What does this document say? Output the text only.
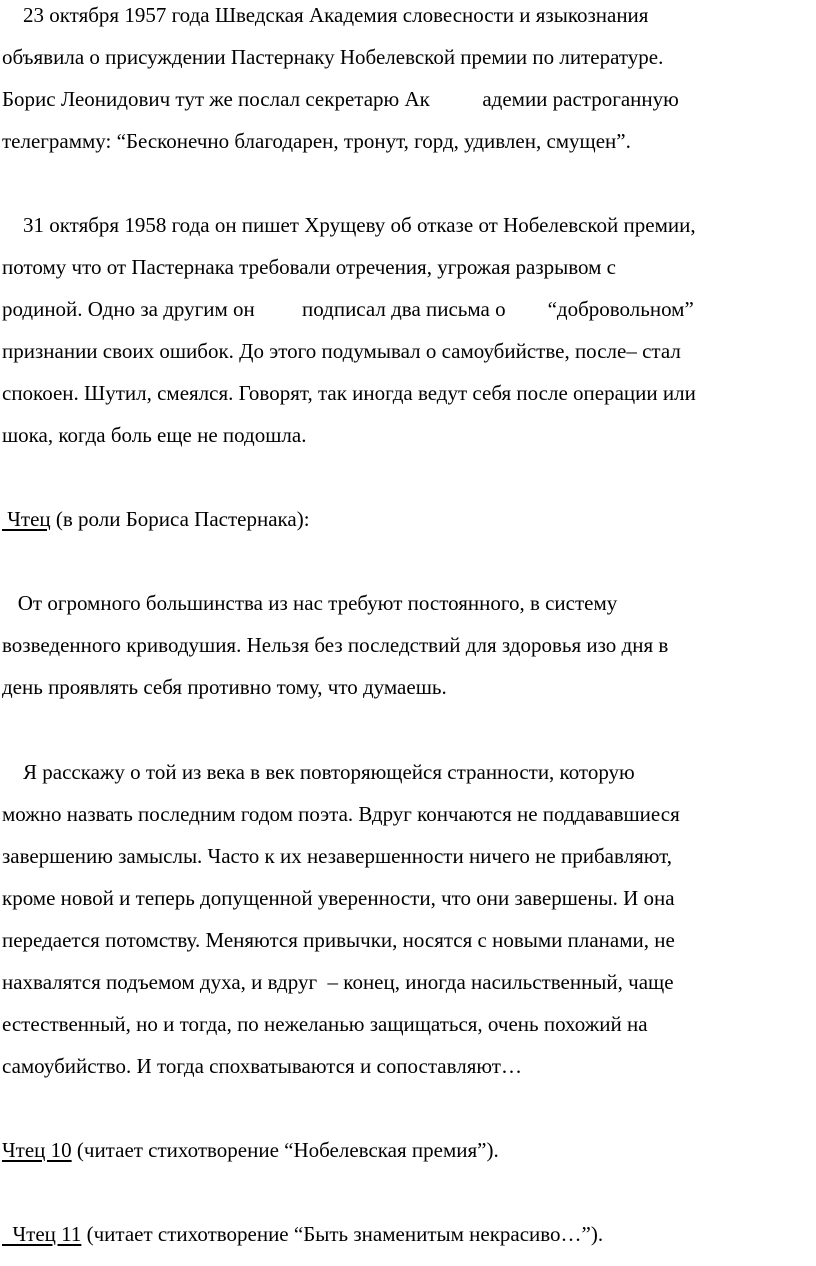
23 октября 1957 года Шведская Академия словесности и языкознания
объявила о присуждении Пастернаку Нобелевской премии по литературе.
Борис Леонидович тут же послал секретарю Ак          адемии растроганную
телеграмму: “Бесконечно благодарен, тронут, горд, удивлен, смущен”.
31 октября 1958 года он пишет Хрущеву об отказе от Нобелевской премии,
потому что от Пастернака требовали отречения, угрожая разрывом с
родиной. Одно за другим он         подписал два письма о        “добровольном”
признании своих ошибок. До этого подумывал о самоубийстве, после– стал
спокоен. Шутил, смеялся. Говорят, так иногда ведут себя после операции или
шока, когда боль еще не подошла.
Чтец (в роли Бориса Пастернака):
От огромного большинства из нас требуют постоянного, в систему
возведенного криводушия. Нельзя без последствий для здоровья изо дня в
день проявлять себя противно тому, что думаешь.
Я расскажу о той из века в век повторяющейся странности, которую
можно назвать последним годом поэта. Вдруг кончаются не поддававшиеся
завершению замыслы. Часто к их незавершенности ничего не прибавляют,
кроме новой и теперь допущенной уверенности, что они завершены. И она
передается потомству. Меняются привычки, носятся с новыми планами, не
нахвалятся подъемом духа, и вдруг  – конец, иногда насильственный, чаще
естественный, но и тогда, по нежеланью защищаться, очень похожий на
самоубийство. И тогда спохватываются и сопоставляют…
Чтец 10 (читает стихотворение “Нобелевская премия”).
Чтец 11 (читает стихотворение “Быть знаменитым некрасиво…”).
